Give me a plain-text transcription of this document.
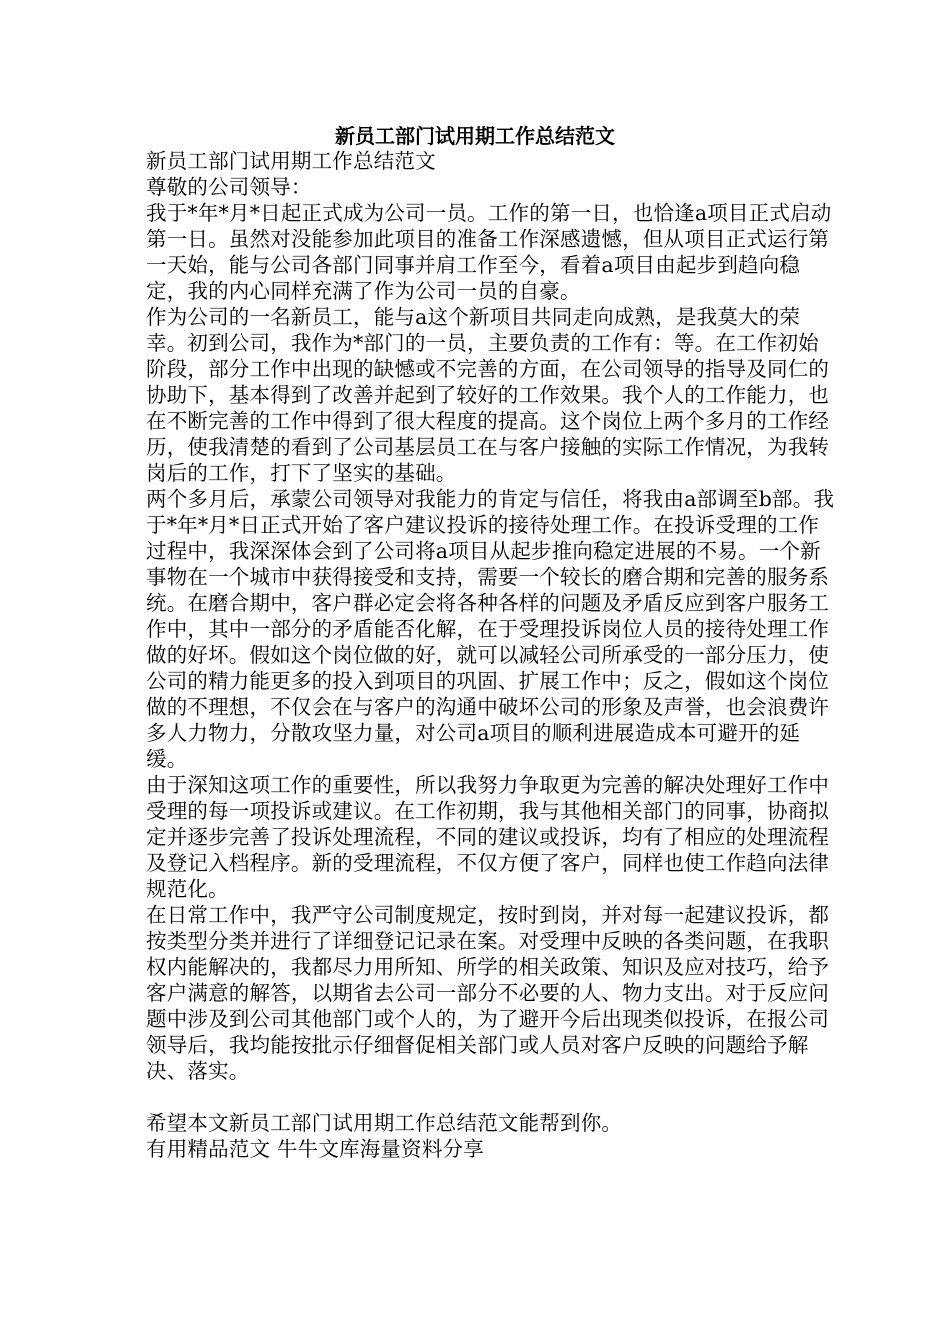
新员工部门试用期工作总结范文

新员工部门试用期工作总结范文

尊敬的公司领导：

我于*年*月*日起正式成为公司一员。工作的第一日，也恰逢a项目正式启动第一日。虽然对没能参加此项目的准备工作深感遗憾，但从项目正式运行第一天始，能与公司各部门同事并肩工作至今，看着a项目由起步到趋向稳定，我的内心同样充满了作为公司一员的自豪。

作为公司的一名新员工，能与a这个新项目共同走向成熟，是我莫大的荣幸。初到公司，我作为*部门的一员，主要负责的工作有：等。在工作初始阶段，部分工作中出现的缺憾或不完善的方面，在公司领导的指导及同仁的协助下，基本得到了改善并起到了较好的工作效果。我个人的工作能力，也在不断完善的工作中得到了很大程度的提高。这个岗位上两个多月的工作经历，使我清楚的看到了公司基层员工在与客户接触的实际工作情况，为我转岗后的工作，打下了坚实的基础。

两个多月后，承蒙公司领导对我能力的肯定与信任，将我由a部调至b部。我于*年*月*日正式开始了客户建议投诉的接待处理工作。在投诉受理的工作过程中，我深深体会到了公司将a项目从起步推向稳定进展的不易。一个新事物在一个城市中获得接受和支持，需要一个较长的磨合期和完善的服务系统。在磨合期中，客户群必定会将各种各样的问题及矛盾反应到客户服务工作中，其中一部分的矛盾能否化解，在于受理投诉岗位人员的接待处理工作做的好坏。假如这个岗位做的好，就可以减轻公司所承受的一部分压力，使公司的精力能更多的投入到项目的巩固、扩展工作中；反之，假如这个岗位做的不理想，不仅会在与客户的沟通中破坏公司的形象及声誉，也会浪费许多人力物力，分散攻坚力量，对公司a项目的顺利进展造成本可避开的延缓。

由于深知这项工作的重要性，所以我努力争取更为完善的解决处理好工作中受理的每一项投诉或建议。在工作初期，我与其他相关部门的同事，协商拟定并逐步完善了投诉处理流程，不同的建议或投诉，均有了相应的处理流程及登记入档程序。新的受理流程，不仅方便了客户，同样也使工作趋向法律规范化。

在日常工作中，我严守公司制度规定，按时到岗，并对每一起建议投诉，都按类型分类并进行了详细登记记录在案。对受理中反映的各类问题，在我职权内能解决的，我都尽力用所知、所学的相关政策、知识及应对技巧，给予客户满意的解答，以期省去公司一部分不必要的人、物力支出。对于反应问题中涉及到公司其他部门或个人的，为了避开今后出现类似投诉，在报公司领导后，我均能按批示仔细督促相关部门或人员对客户反映的问题给予解决、落实。

希望本文新员工部门试用期工作总结范文能帮到你。

有用精品范文 牛牛文库海量资料分享
